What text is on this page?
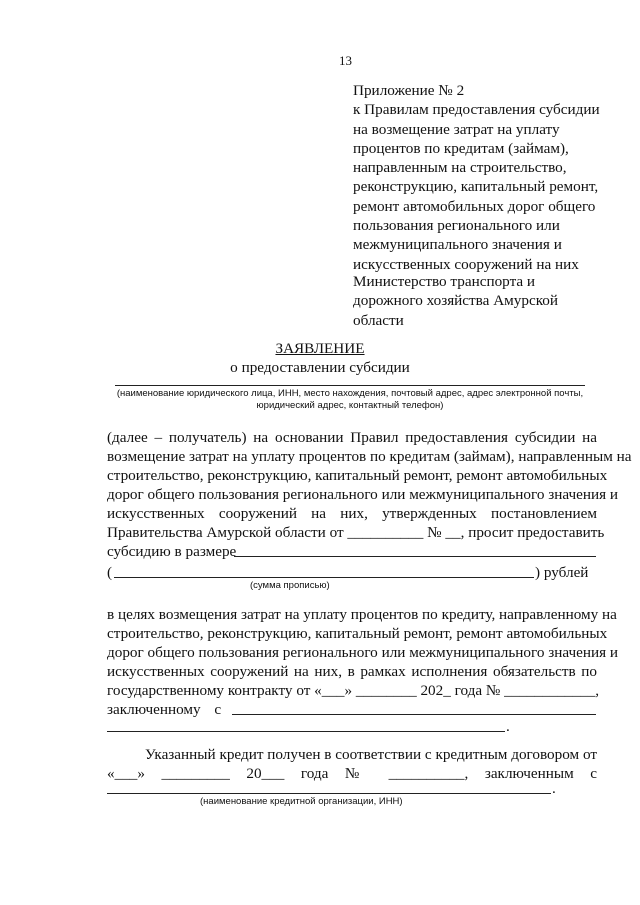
13
Приложение № 2
к Правилам предоставления субсидии
на возмещение затрат на уплату
процентов по кредитам (займам),
направленным на строительство,
реконструкцию, капитальный ремонт,
ремонт автомобильных дорог общего
пользования регионального или
межмуниципального значения и
искусственных сооружений на них
Министерство транспорта и
дорожного хозяйства Амурской
области
ЗАЯВЛЕНИЕ
о предоставлении субсидии
(наименование юридического лица, ИНН, место нахождения, почтовый адрес, адрес электронной почты,
юридический адрес, контактный телефон)
(далее – получатель) на основании Правил предоставления субсидии на
возмещение затрат на уплату процентов по кредитам (займам), направленным на
строительство, реконструкцию, капитальный ремонт, ремонт автомобильных
дорог общего пользования регионального или межмуниципального значения и
искусственных сооружений на них, утвержденных постановлением
Правительства Амурской области от __________ № __, просит предоставить
субсидию в размере
(	) рублей
(сумма прописью)
в целях возмещения затрат на уплату процентов по кредиту, направленному на
строительство, реконструкцию, капитальный ремонт, ремонт автомобильных
дорог общего пользования регионального или межмуниципального значения и
искусственных сооружений на них, в рамках исполнения обязательств по
государственному контракту от «___» ________ 202_ года № ____________,
заключенному с
.
Указанный кредит получен в соответствии с кредитным договором от
«___» _________ 20___ года № __________, заключенным с
.
(наименование кредитной организации, ИНН)
